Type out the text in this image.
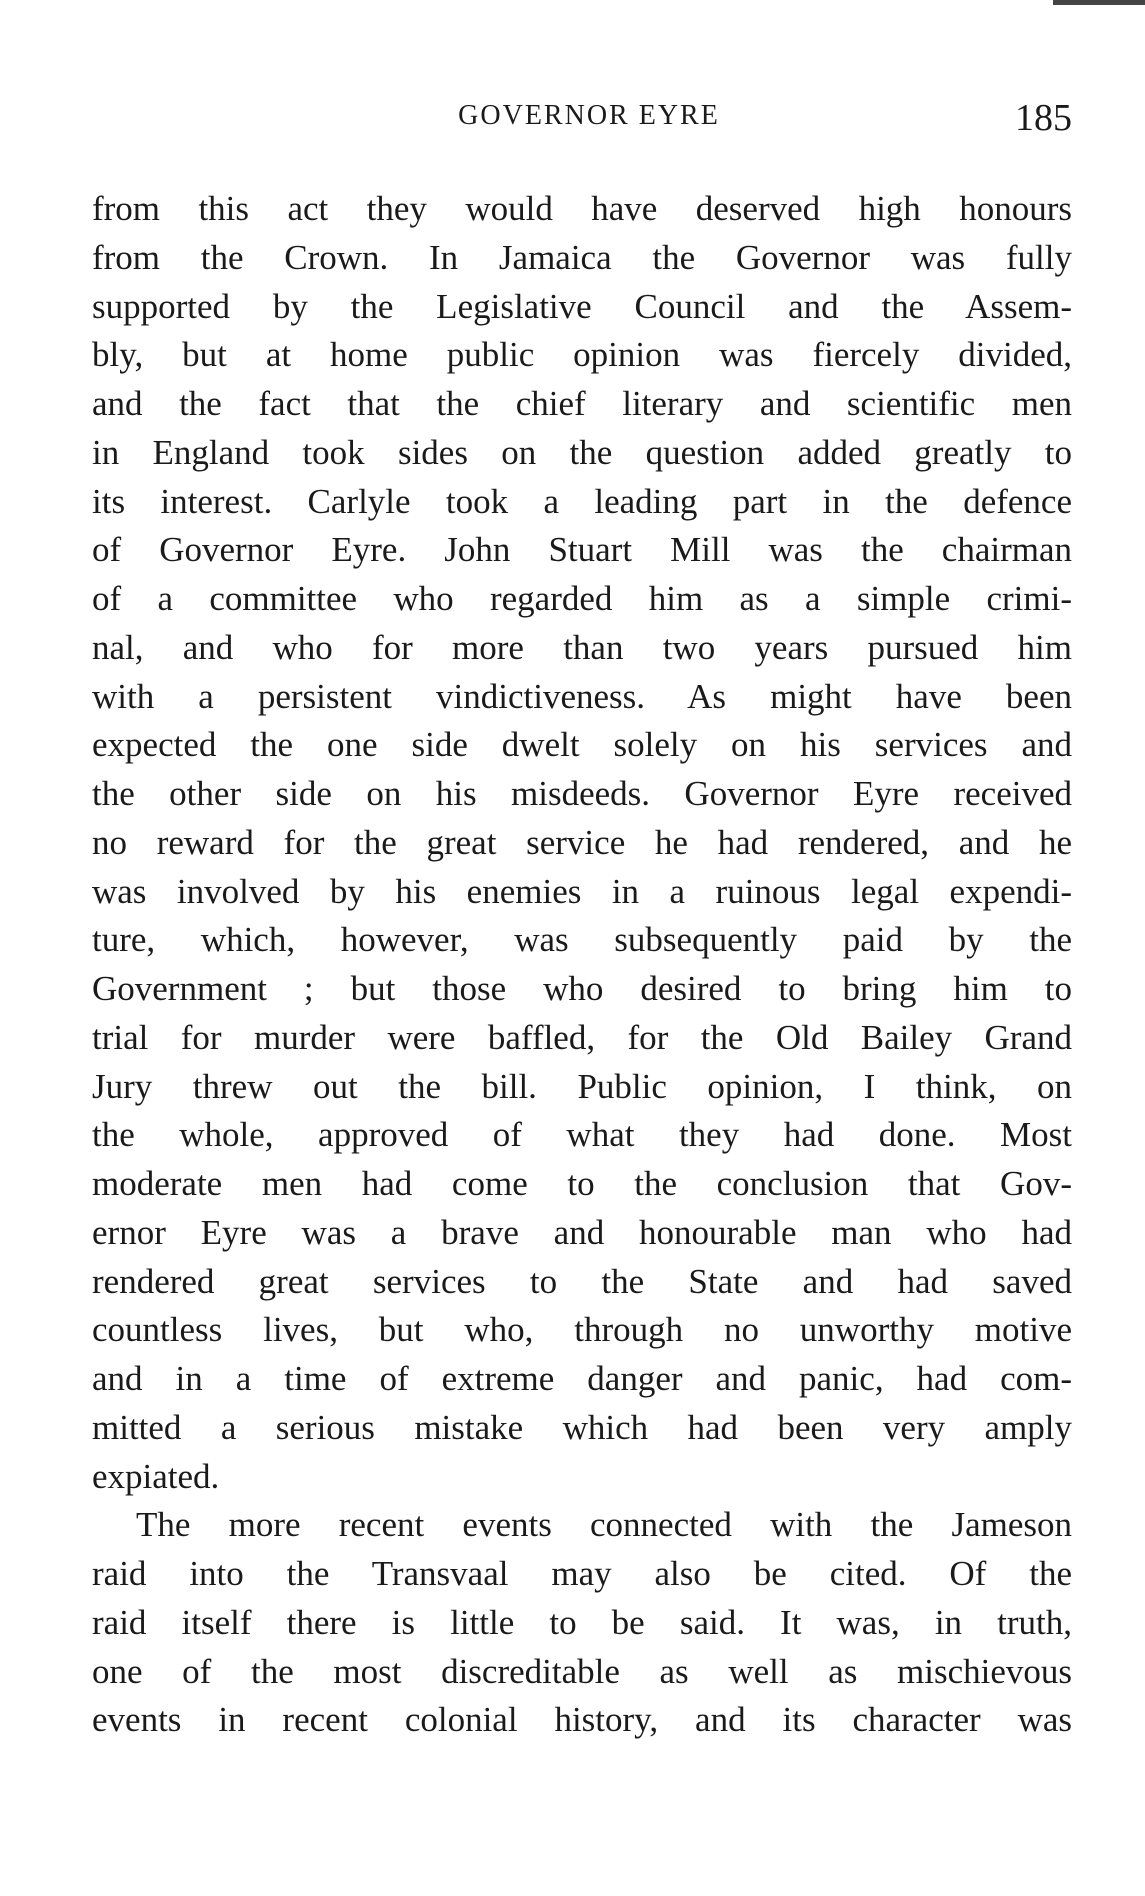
GOVERNOR EYRE	185
from this act they would have deserved high honours
from the Crown. In Jamaica the Governor was fully
supported by the Legislative Council and the Assem-
bly, but at home public opinion was fiercely divided,
and the fact that the chief literary and scientific men
in England took sides on the question added greatly to
its interest. Carlyle took a leading part in the defence
of Governor Eyre. John Stuart Mill was the chairman
of a committee who regarded him as a simple crimi-
nal, and who for more than two years pursued him
with a persistent vindictiveness. As might have been
expected the one side dwelt solely on his services and
the other side on his misdeeds. Governor Eyre received
no reward for the great service he had rendered, and he
was involved by his enemies in a ruinous legal expendi-
ture, which, however, was subsequently paid by the
Government ; but those who desired to bring him to
trial for murder were baffled, for the Old Bailey Grand
Jury threw out the bill. Public opinion, I think, on
the whole, approved of what they had done. Most
moderate men had come to the conclusion that Gov-
ernor Eyre was a brave and honourable man who had
rendered great services to the State and had saved
countless lives, but who, through no unworthy motive
and in a time of extreme danger and panic, had com-
mitted a serious mistake which had been very amply
expiated.
The more recent events connected with the Jameson
raid into the Transvaal may also be cited. Of the
raid itself there is little to be said. It was, in truth,
one of the most discreditable as well as mischievous
events in recent colonial history, and its character was
